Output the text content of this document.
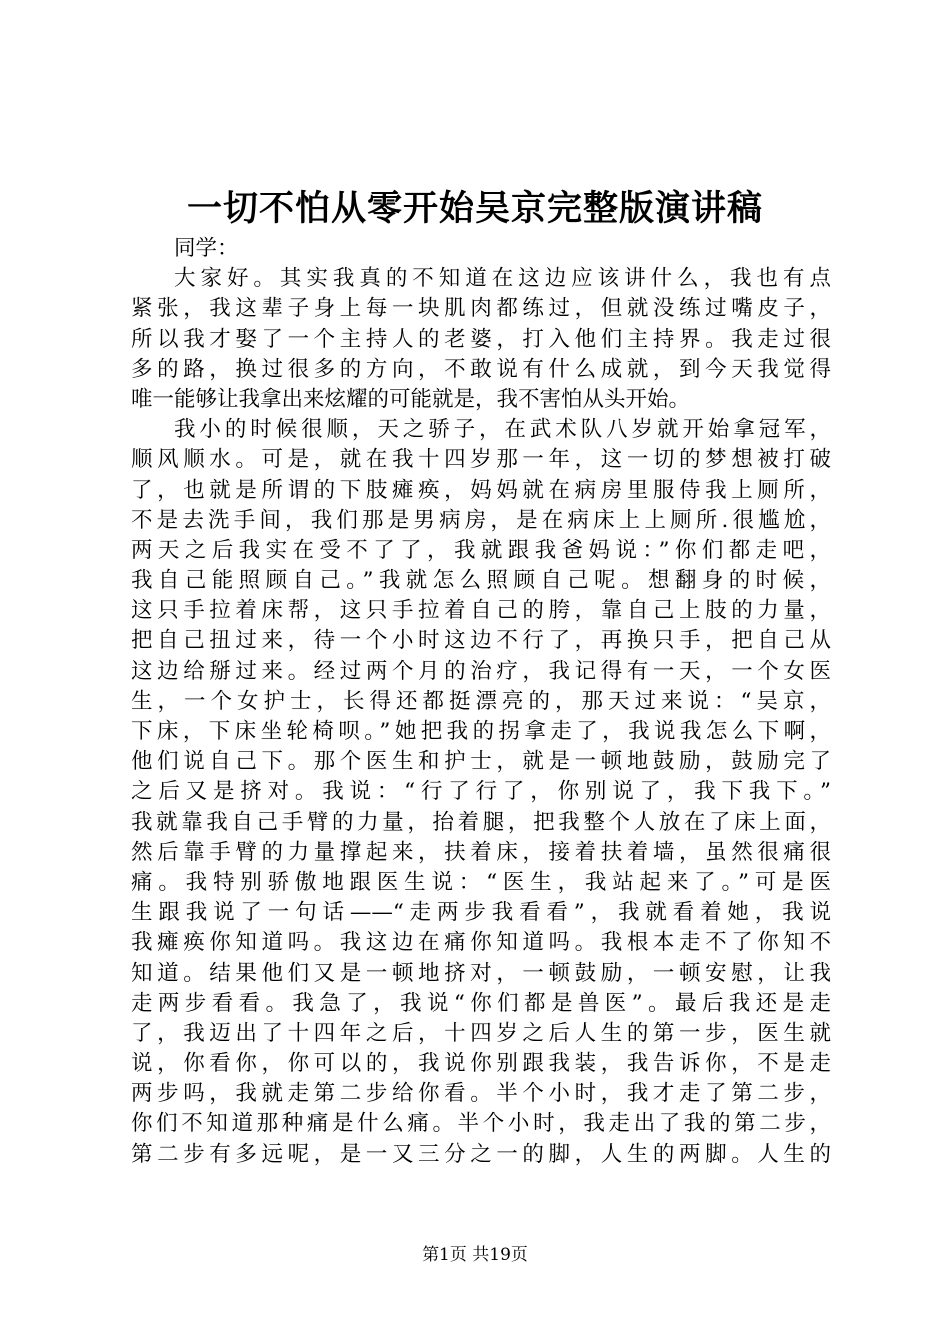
一切不怕从零开始吴京完整版演讲稿
同学：
大家好。其实我真的不知道在这边应该讲什么，我也有点
紧张，我这辈子身上每一块肌肉都练过，但就没练过嘴皮子，
所以我才娶了一个主持人的老婆，打入他们主持界。我走过很
多的路，换过很多的方向，不敢说有什么成就，到今天我觉得
唯一能够让我拿出来炫耀的可能就是，我不害怕从头开始。
我小的时候很顺，天之骄子，在武术队八岁就开始拿冠军，
顺风顺水。可是，就在我十四岁那一年，这一切的梦想被打破
了，也就是所谓的下肢瘫痪，妈妈就在病房里服侍我上厕所，
不是去洗手间，我们那是男病房，是在病床上上厕所.很尴尬，
两天之后我实在受不了了，我就跟我爸妈说：”你们都走吧，
我自己能照顾自己。”我就怎么照顾自己呢。想翻身的时候，
这只手拉着床帮，这只手拉着自己的胯，靠自己上肢的力量，
把自己扭过来，待一个小时这边不行了，再换只手，把自己从
这边给掰过来。经过两个月的治疗，我记得有一天，一个女医
生，一个女护士，长得还都挺漂亮的，那天过来说：“吴京，
下床，下床坐轮椅呗。”她把我的拐拿走了，我说我怎么下啊，
他们说自己下。那个医生和护士，就是一顿地鼓励，鼓励完了
之后又是挤对。我说：“行了行了，你别说了，我下我下。”
我就靠我自己手臂的力量，抬着腿，把我整个人放在了床上面，
然后靠手臂的力量撑起来，扶着床，接着扶着墙，虽然很痛很
痛。我特别骄傲地跟医生说：“医生，我站起来了。”可是医
生跟我说了一句话——“走两步我看看”，我就看着她，我说
我瘫痪你知道吗。我这边在痛你知道吗。我根本走不了你知不
知道。结果他们又是一顿地挤对，一顿鼓励，一顿安慰，让我
走两步看看。我急了，我说“你们都是兽医”。最后我还是走
了，我迈出了十四年之后，十四岁之后人生的第一步，医生就
说，你看你，你可以的，我说你别跟我装，我告诉你，不是走
两步吗，我就走第二步给你看。半个小时，我才走了第二步，
你们不知道那种痛是什么痛。半个小时，我走出了我的第二步，
第二步有多远呢，是一又三分之一的脚，人生的两脚。人生的
第1页 共19页
